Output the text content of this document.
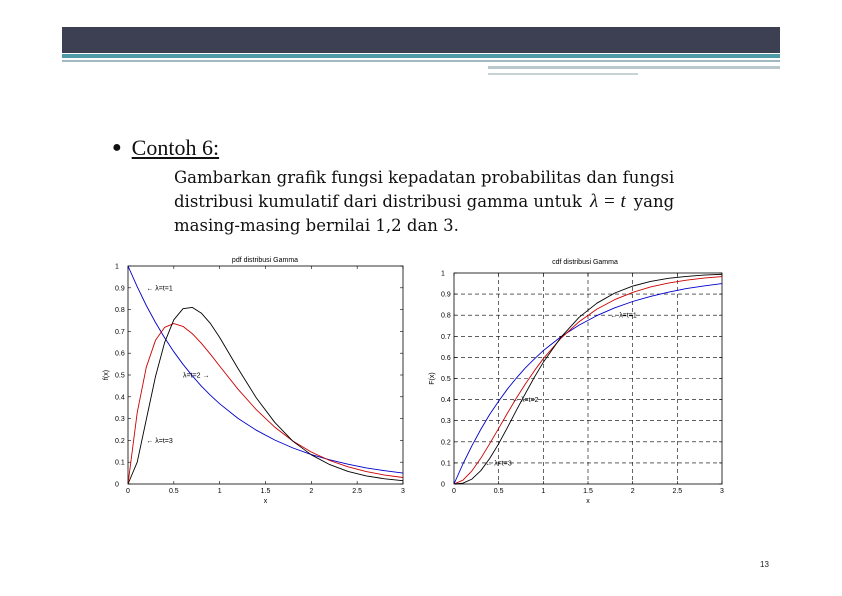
● Contoh 6:
Gambarkan grafik fungsi kepadatan probabilitas dan fungsi
distribusi kumulatif dari distribusi gamma untuk λ = t yang
masing-masing bernilai 1,2 dan 3.
0	0.5	1	1.5	2	2.5	3
0
0.1
0.2
0.3
0.4
0.5
0.6
0.7
0.8
0.9
1
pdf distribusi Gamma
x
f(x)
← λ=t=1
λ=t=2 →
← λ=t=3
0	0.5	1	1.5	2	2.5	3
0
0.1
0.2
0.3
0.4
0.5
0.6
0.7
0.8
0.9
1
cdf distribusi Gamma
x
F(x)
← λ=t=1
← λ=t=2
← λ=t=3
13
